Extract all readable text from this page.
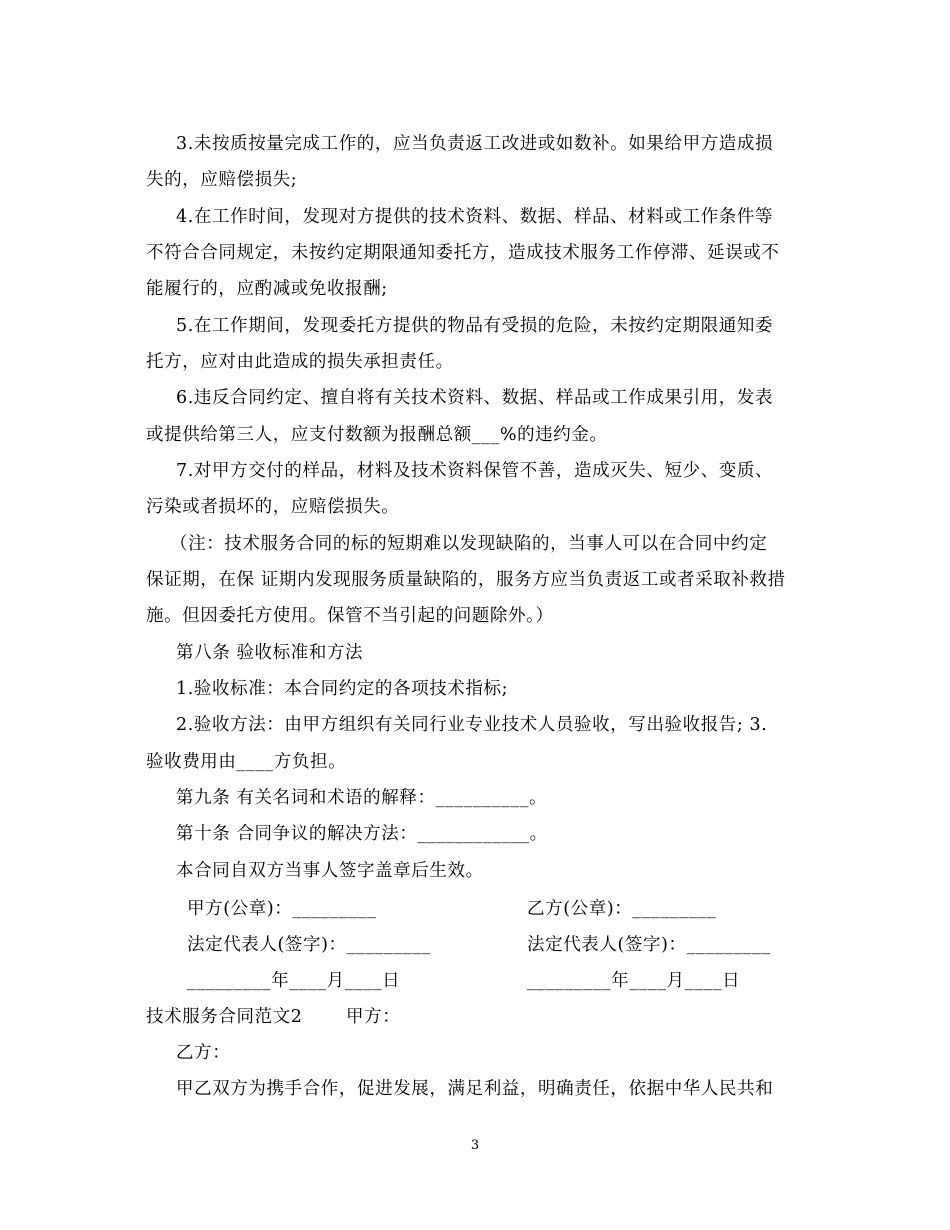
3.未按质按量完成工作的，应当负责返工改进或如数补。如果给甲方造成损
失的，应赔偿损失;
4.在工作时间，发现对方提供的技术资料、数据、样品、材料或工作条件等
不符合合同规定，未按约定期限通知委托方，造成技术服务工作停滞、延误或不
能履行的，应酌减或免收报酬;
5.在工作期间，发现委托方提供的物品有受损的危险，未按约定期限通知委
托方，应对由此造成的损失承担责任。
6.违反合同约定、擅自将有关技术资料、数据、样品或工作成果引用，发表
或提供给第三人，应支付数额为报酬总额___%的违约金。
7.对甲方交付的样品，材料及技术资料保管不善，造成灭失、短少、变质、
污染或者损坏的，应赔偿损失。
（注：技术服务合同的标的短期难以发现缺陷的，当事人可以在合同中约定
保证期，在保 证期内发现服务质量缺陷的，服务方应当负责返工或者采取补救措
施。但因委托方使用。保管不当引起的问题除外。）
第八条 验收标准和方法
1.验收标准：本合同约定的各项技术指标;
2.验收方法：由甲方组织有关同行业专业技术人员验收，写出验收报告; 3.
验收费用由____方负担。
第九条 有关名词和术语的解释：__________。
第十条 合同争议的解决方法：____________。
本合同自双方当事人签字盖章后生效。
甲方(公章)：_________	乙方(公章)：_________
法定代表人(签字)：_________	法定代表人(签字)：_________
_________年____月____日	_________年____月____日
技术服务合同范文2 甲方：
乙方：
甲乙双方为携手合作，促进发展，满足利益，明确责任，依据中华人民共和
3
